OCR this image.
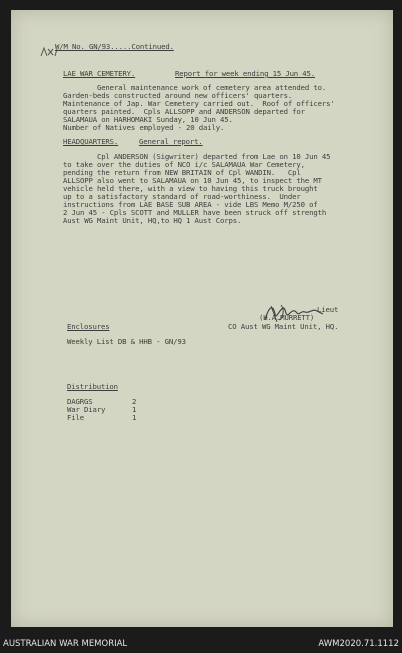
W/M No. GN/93.....Continued.
LAE WAR CEMETERY.	Report for week ending 15 Jun 45.
General maintenance work of cemetery area attended to.
Garden-beds constructed around new officers' quarters.
Maintenance of Jap. War Cemetery carried out.  Roof of officers'
quarters painted.  Cpls ALLSOPP and ANDERSON departed for
SALAMAUA on HARHOMAKI Sunday, 10 Jun 45.
Number of Natives employed - 20 daily.
HEADQUARTERS.	General report.
Cpl ANDERSON (Sigwriter) departed from Lae on 10 Jun 45
to take over the duties of NCO i/c SALAMAUA War Cemetery,
pending the return from NEW BRITAIN of Cpl WANDIN.   Cpl
ALLSOPP also went to SALAMAUA on 10 Jun 45, to inspect the MT
vehicle held there, with a view to having this truck brought
up to a satisfactory standard of road-worthiness.  Under
instructions from LAE BASE SUB AREA - vide LBS Memo M/250 of
2 Jun 45 - Cpls SCOTT and MULLER have been struck off strength
Aust WG Maint Unit, HQ,to HQ 1 Aust Corps.
Lieut
(H.A.MURRETT)
CO Aust WG Maint Unit, HQ.
Enclosures
Weekly List DB & HHB - GN/93
Distribution
DAGRGS	2
War Diary	1
File	1
AUSTRALIAN WAR MEMORIAL	AWM2020.71.1112
